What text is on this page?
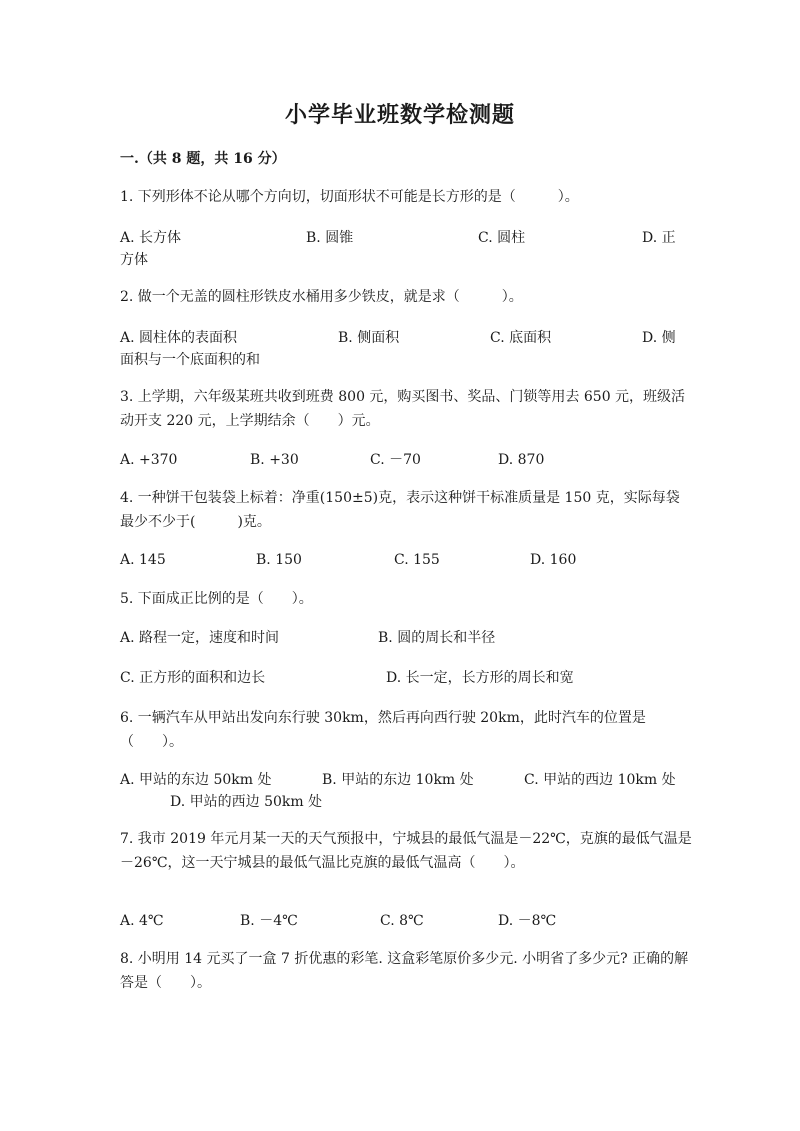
小学毕业班数学检测题
一.（共 8 题，共 16 分）
1. 下列形体不论从哪个方向切，切面形状不可能是长方形的是（　　　）。
A. 长方体	B. 圆锥	C. 圆柱	D. 正
方体
2. 做一个无盖的圆柱形铁皮水桶用多少铁皮，就是求（　　　）。
A. 圆柱体的表面积	B. 侧面积	C. 底面积	D. 侧
面积与一个底面积的和
3. 上学期，六年级某班共收到班费 800 元，购买图书、奖品、门锁等用去 650 元，班级活动开支 220 元，上学期结余（　　）元。
A. +370	B. +30	C. －70	D. 870
4. 一种饼干包装袋上标着：净重(150±5)克，表示这种饼干标准质量是 150 克，实际每袋最少不少于(　　　)克。
A. 145	B. 150	C. 155	D. 160
5. 下面成正比例的是（　　）。
A. 路程一定，速度和时间	B. 圆的周长和半径
C. 正方形的面积和边长	D. 长一定，长方形的周长和宽
6. 一辆汽车从甲站出发向东行驶 30km，然后再向西行驶 20km，此时汽车的位置是（　　）。
A. 甲站的东边 50km 处	B. 甲站的东边 10km 处	C. 甲站的西边 10km 处
D. 甲站的西边 50km 处
7. 我市 2019 年元月某一天的天气预报中，宁城县的最低气温是－22℃，克旗的最低气温是－26℃，这一天宁城县的最低气温比克旗的最低气温高（　　）。
A. 4℃	B. －4℃	C. 8℃	D. －8℃
8. 小明用 14 元买了一盒 7 折优惠的彩笔. 这盒彩笔原价多少元. 小明省了多少元? 正确的解答是（　　）。
